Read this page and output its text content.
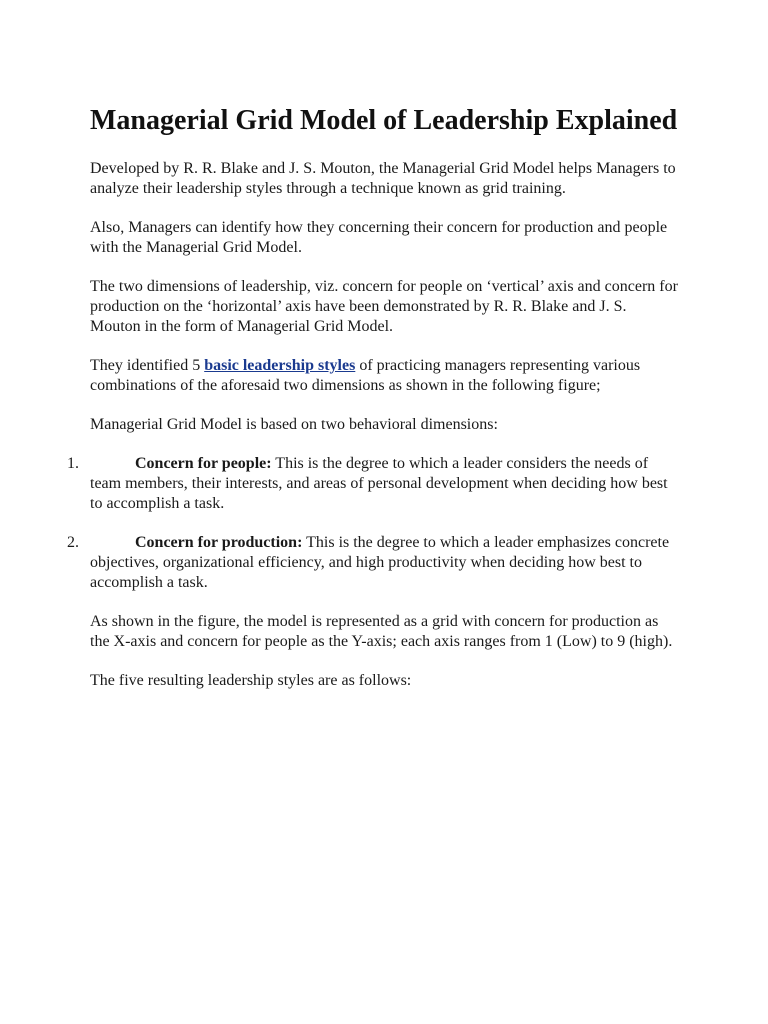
Managerial Grid Model of Leadership Explained

Developed by R. R. Blake and J. S. Mouton, the Managerial Grid Model helps Managers to analyze their leadership styles through a technique known as grid training.

Also, Managers can identify how they concerning their concern for production and people with the Managerial Grid Model.

The two dimensions of leadership, viz. concern for people on ‘vertical’ axis and concern for production on the ‘horizontal’ axis have been demonstrated by R. R. Blake and J. S. Mouton in the form of Managerial Grid Model.

They identified 5 basic leadership styles of practicing managers representing various combinations of the aforesaid two dimensions as shown in the following figure;

Managerial Grid Model is based on two behavioral dimensions:

1.	Concern for people: This is the degree to which a leader considers the needs of team members, their interests, and areas of personal development when deciding how best to accomplish a task.
2.	Concern for production: This is the degree to which a leader emphasizes concrete objectives, organizational efficiency, and high productivity when deciding how best to accomplish a task.

As shown in the figure, the model is represented as a grid with concern for production as the X-axis and concern for people as the Y-axis; each axis ranges from 1 (Low) to 9 (high).

The five resulting leadership styles are as follows:
